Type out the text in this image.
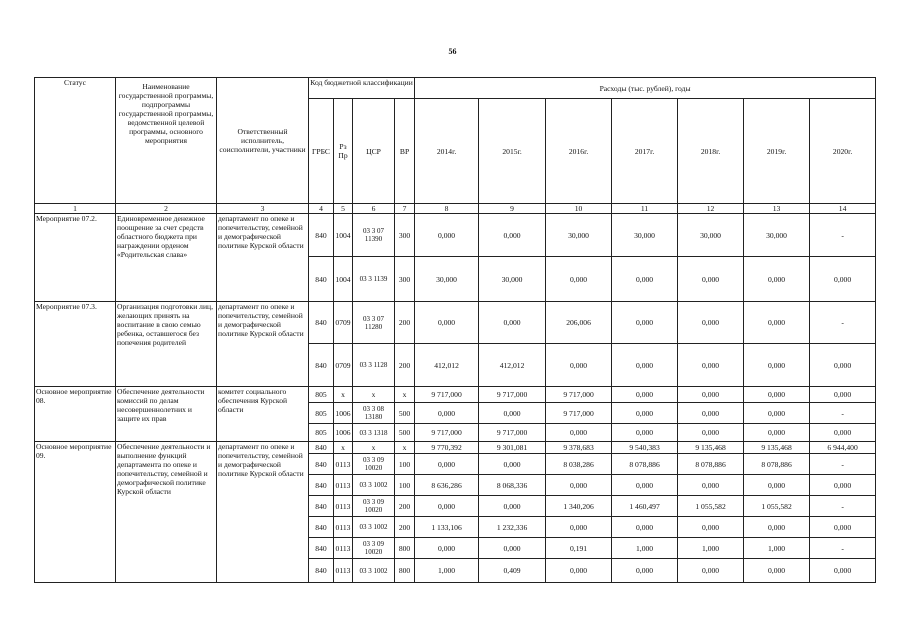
56
Статус	Наименование государственной программы, подпрограммы государственной программы, ведомственной целевой программы, основного мероприятия	Ответственный исполнитель, соисполнители, участники	Код бюджетной классификации				Расходы (тыс. рублей), годы						
			ГРБС	Рз Пр	ЦСР	ВР	2014г.	2015г.	2016г.	2017г.	2018г.	2019г.	2020г.
1	2	3	4	5	6	7	8	9	10	11	12	13	14
Мероприятие 07.2.	Единовременное денежное поощрение за счет средств областного бюджета при награждении орденом «Родительская слава»	департамент по опеке и попечительству, семейной и демографической политике Курской области	840	1004	03 3 07 11390	300	0,000	0,000	30,000	30,000	30,000	30,000	-
			840	1004	03 3 1139	300	30,000	30,000	0,000	0,000	0,000	0,000	0,000
Мероприятие 07.3.	Организация подготовки лиц, желающих принять на воспитание в свою семью ребенка, оставшегося без попечения родителей	департамент по опеке и попечительству, семейной и демографической политике Курской области	840	0709	03 3 07 11280	200	0,000	0,000	206,006	0,000	0,000	0,000	-
			840	0709	03 3 1128	200	412,012	412,012	0,000	0,000	0,000	0,000	0,000
Основное мероприятие 08.	Обеспечение деятельности комиссий по делам несовершеннолетних и защите их прав	комитет социального обеспечения Курской области	805	х	х	х	9 717,000	9 717,000	9 717,000	0,000	0,000	0,000	0,000
			805	1006	03 3 08 13180	500	0,000	0,000	9 717,000	0,000	0,000	0,000	-
			805	1006	03 3 1318	500	9 717,000	9 717,000	0,000	0,000	0,000	0,000	0,000
Основное мероприятие 09.	Обеспечение деятельности и выполнение функций департамента по опеке и попечительству, семейной и демографической политике Курской области	департамент по опеке и попечительству, семейной и демографической политике Курской области	840	х	х	х	9 770,392	9 301,081	9 378,683	9 540,383	9 135,468	9 135,468	6 944,400
			840	0113	03 3 09 10020	100	0,000	0,000	8 038,286	8 078,886	8 078,886	8 078,886	-
			840	0113	03 3 1002	100	8 636,286	8 068,336	0,000	0,000	0,000	0,000	0,000
			840	0113	03 3 09 10020	200	0,000	0,000	1 340,206	1 460,497	1 055,582	1 055,582	-
			840	0113	03 3 1002	200	1 133,106	1 232,336	0,000	0,000	0,000	0,000	0,000
			840	0113	03 3 09 10020	800	0,000	0,000	0,191	1,000	1,000	1,000	-
			840	0113	03 3 1002	800	1,000	0,409	0,000	0,000	0,000	0,000	0,000
